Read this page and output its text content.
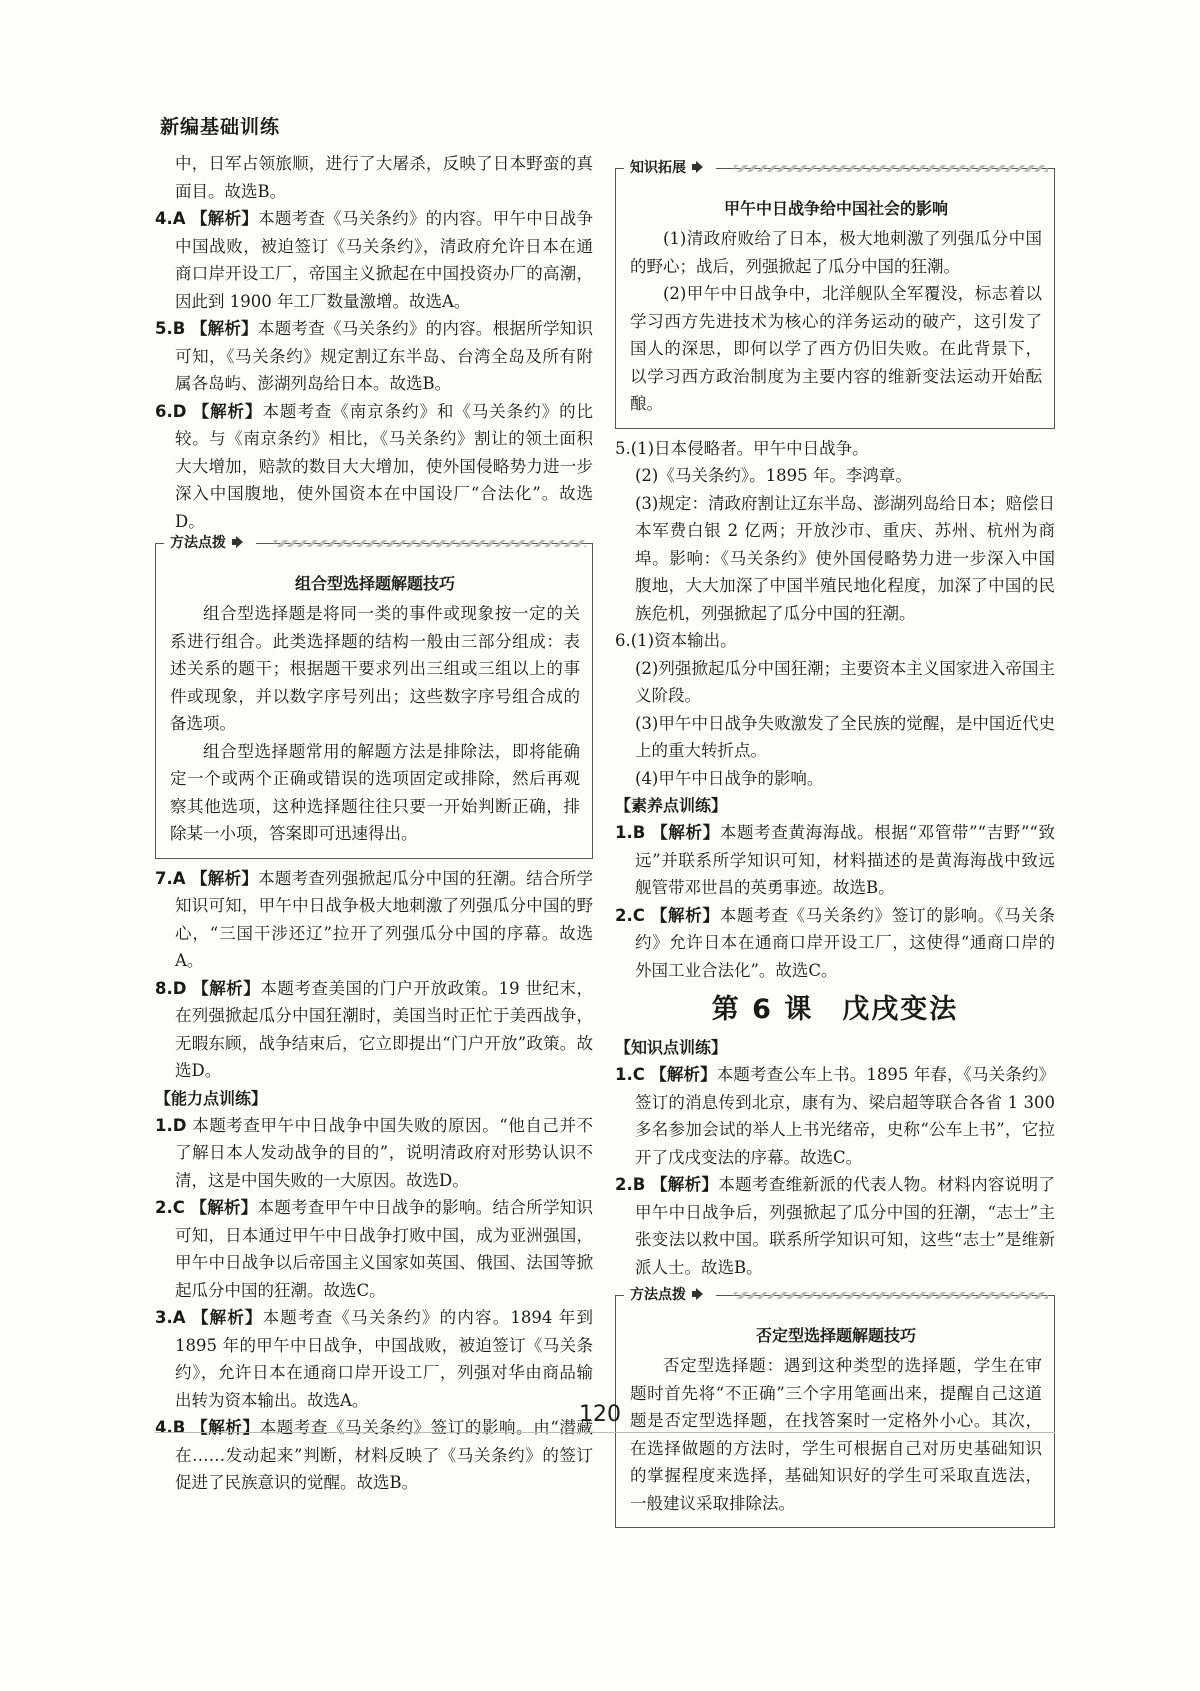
新编基础训练

中，日军占领旅顺，进行了大屠杀，反映了日本野蛮的真面目。故选B。

4.A 【解析】本题考查《马关条约》的内容。甲午中日战争中国战败，被迫签订《马关条约》，清政府允许日本在通商口岸开设工厂，帝国主义掀起在中国投资办厂的高潮，因此到 1900 年工厂数量激增。故选A。
5.B 【解析】本题考查《马关条约》的内容。根据所学知识可知，《马关条约》规定割辽东半岛、台湾全岛及所有附属各岛屿、澎湖列岛给日本。故选B。
6.D 【解析】本题考查《南京条约》和《马关条约》的比较。与《南京条约》相比，《马关条约》割让的领土面积大大增加，赔款的数目大大增加，使外国侵略势力进一步深入中国腹地，使外国资本在中国设厂“合法化”。故选D。
方法点拨
组合型选择题解题技巧

组合型选择题是将同一类的事件或现象按一定的关系进行组合。此类选择题的结构一般由三部分组成：表述关系的题干；根据题干要求列出三组或三组以上的事件或现象，并以数字序号列出；这些数字序号组合成的备选项。

组合型选择题常用的解题方法是排除法，即将能确定一个或两个正确或错误的选项固定或排除，然后再观察其他选项，这种选择题往往只要一开始判断正确，排除某一小项，答案即可迅速得出。

7.A 【解析】本题考查列强掀起瓜分中国的狂潮。结合所学知识可知，甲午中日战争极大地刺激了列强瓜分中国的野心，“三国干涉还辽”拉开了列强瓜分中国的序幕。故选A。
8.D 【解析】本题考查美国的门户开放政策。19 世纪末，在列强掀起瓜分中国狂潮时，美国当时正忙于美西战争，无暇东顾，战争结束后，它立即提出“门户开放”政策。故选D。
【能力点训练】
1.D 本题考查甲午中日战争中国失败的原因。“他自己并不了解日本人发动战争的目的”，说明清政府对形势认识不清，这是中国失败的一大原因。故选D。
2.C 【解析】本题考查甲午中日战争的影响。结合所学知识可知，日本通过甲午中日战争打败中国，成为亚洲强国，甲午中日战争以后帝国主义国家如英国、俄国、法国等掀起瓜分中国的狂潮。故选C。
3.A 【解析】本题考查《马关条约》的内容。1894 年到 1895 年的甲午中日战争，中国战败，被迫签订《马关条约》，允许日本在通商口岸开设工厂，列强对华由商品输出转为资本输出。故选A。
4.B 【解析】本题考查《马关条约》签订的影响。由“潜藏在……发动起来”判断，材料反映了《马关条约》的签订促进了民族意识的觉醒。故选B。
知识拓展
甲午中日战争给中国社会的影响

(1)清政府败给了日本，极大地刺激了列强瓜分中国的野心；战后，列强掀起了瓜分中国的狂潮。

(2)甲午中日战争中，北洋舰队全军覆没，标志着以学习西方先进技术为核心的洋务运动的破产，这引发了国人的深思，即何以学了西方仍旧失败。在此背景下，以学习西方政治制度为主要内容的维新变法运动开始酝酿。

5.(1)日本侵略者。甲午中日战争。

(2)《马关条约》。1895 年。李鸿章。

(3)规定：清政府割让辽东半岛、澎湖列岛给日本；赔偿日本军费白银 2 亿两；开放沙市、重庆、苏州、杭州为商埠。影响：《马关条约》使外国侵略势力进一步深入中国腹地，大大加深了中国半殖民地化程度，加深了中国的民族危机，列强掀起了瓜分中国的狂潮。

6.(1)资本输出。

(2)列强掀起瓜分中国狂潮；主要资本主义国家进入帝国主义阶段。

(3)甲午中日战争失败激发了全民族的觉醒，是中国近代史上的重大转折点。

(4)甲午中日战争的影响。

【素养点训练】
1.B 【解析】本题考查黄海海战。根据“邓管带”“吉野”“致远”并联系所学知识可知，材料描述的是黄海海战中致远舰管带邓世昌的英勇事迹。故选B。
2.C 【解析】本题考查《马关条约》签订的影响。《马关条约》允许日本在通商口岸开设工厂，这使得“通商口岸的外国工业合法化”。故选C。
第 6 课　戊戌变法
【知识点训练】
1.C 【解析】本题考查公车上书。1895 年春，《马关条约》签订的消息传到北京，康有为、梁启超等联合各省 1 300 多名参加会试的举人上书光绪帝，史称“公车上书”，它拉开了戊戌变法的序幕。故选C。
2.B 【解析】本题考查维新派的代表人物。材料内容说明了甲午中日战争后，列强掀起了瓜分中国的狂潮，“志士”主张变法以救中国。联系所学知识可知，这些“志士”是维新派人士。故选B。
方法点拨
否定型选择题解题技巧

否定型选择题：遇到这种类型的选择题，学生在审题时首先将“不正确”三个字用笔画出来，提醒自己这道题是否定型选择题，在找答案时一定格外小心。其次，在选择做题的方法时，学生可根据自己对历史基础知识的掌握程度来选择，基础知识好的学生可采取直选法，一般建议采取排除法。

120
